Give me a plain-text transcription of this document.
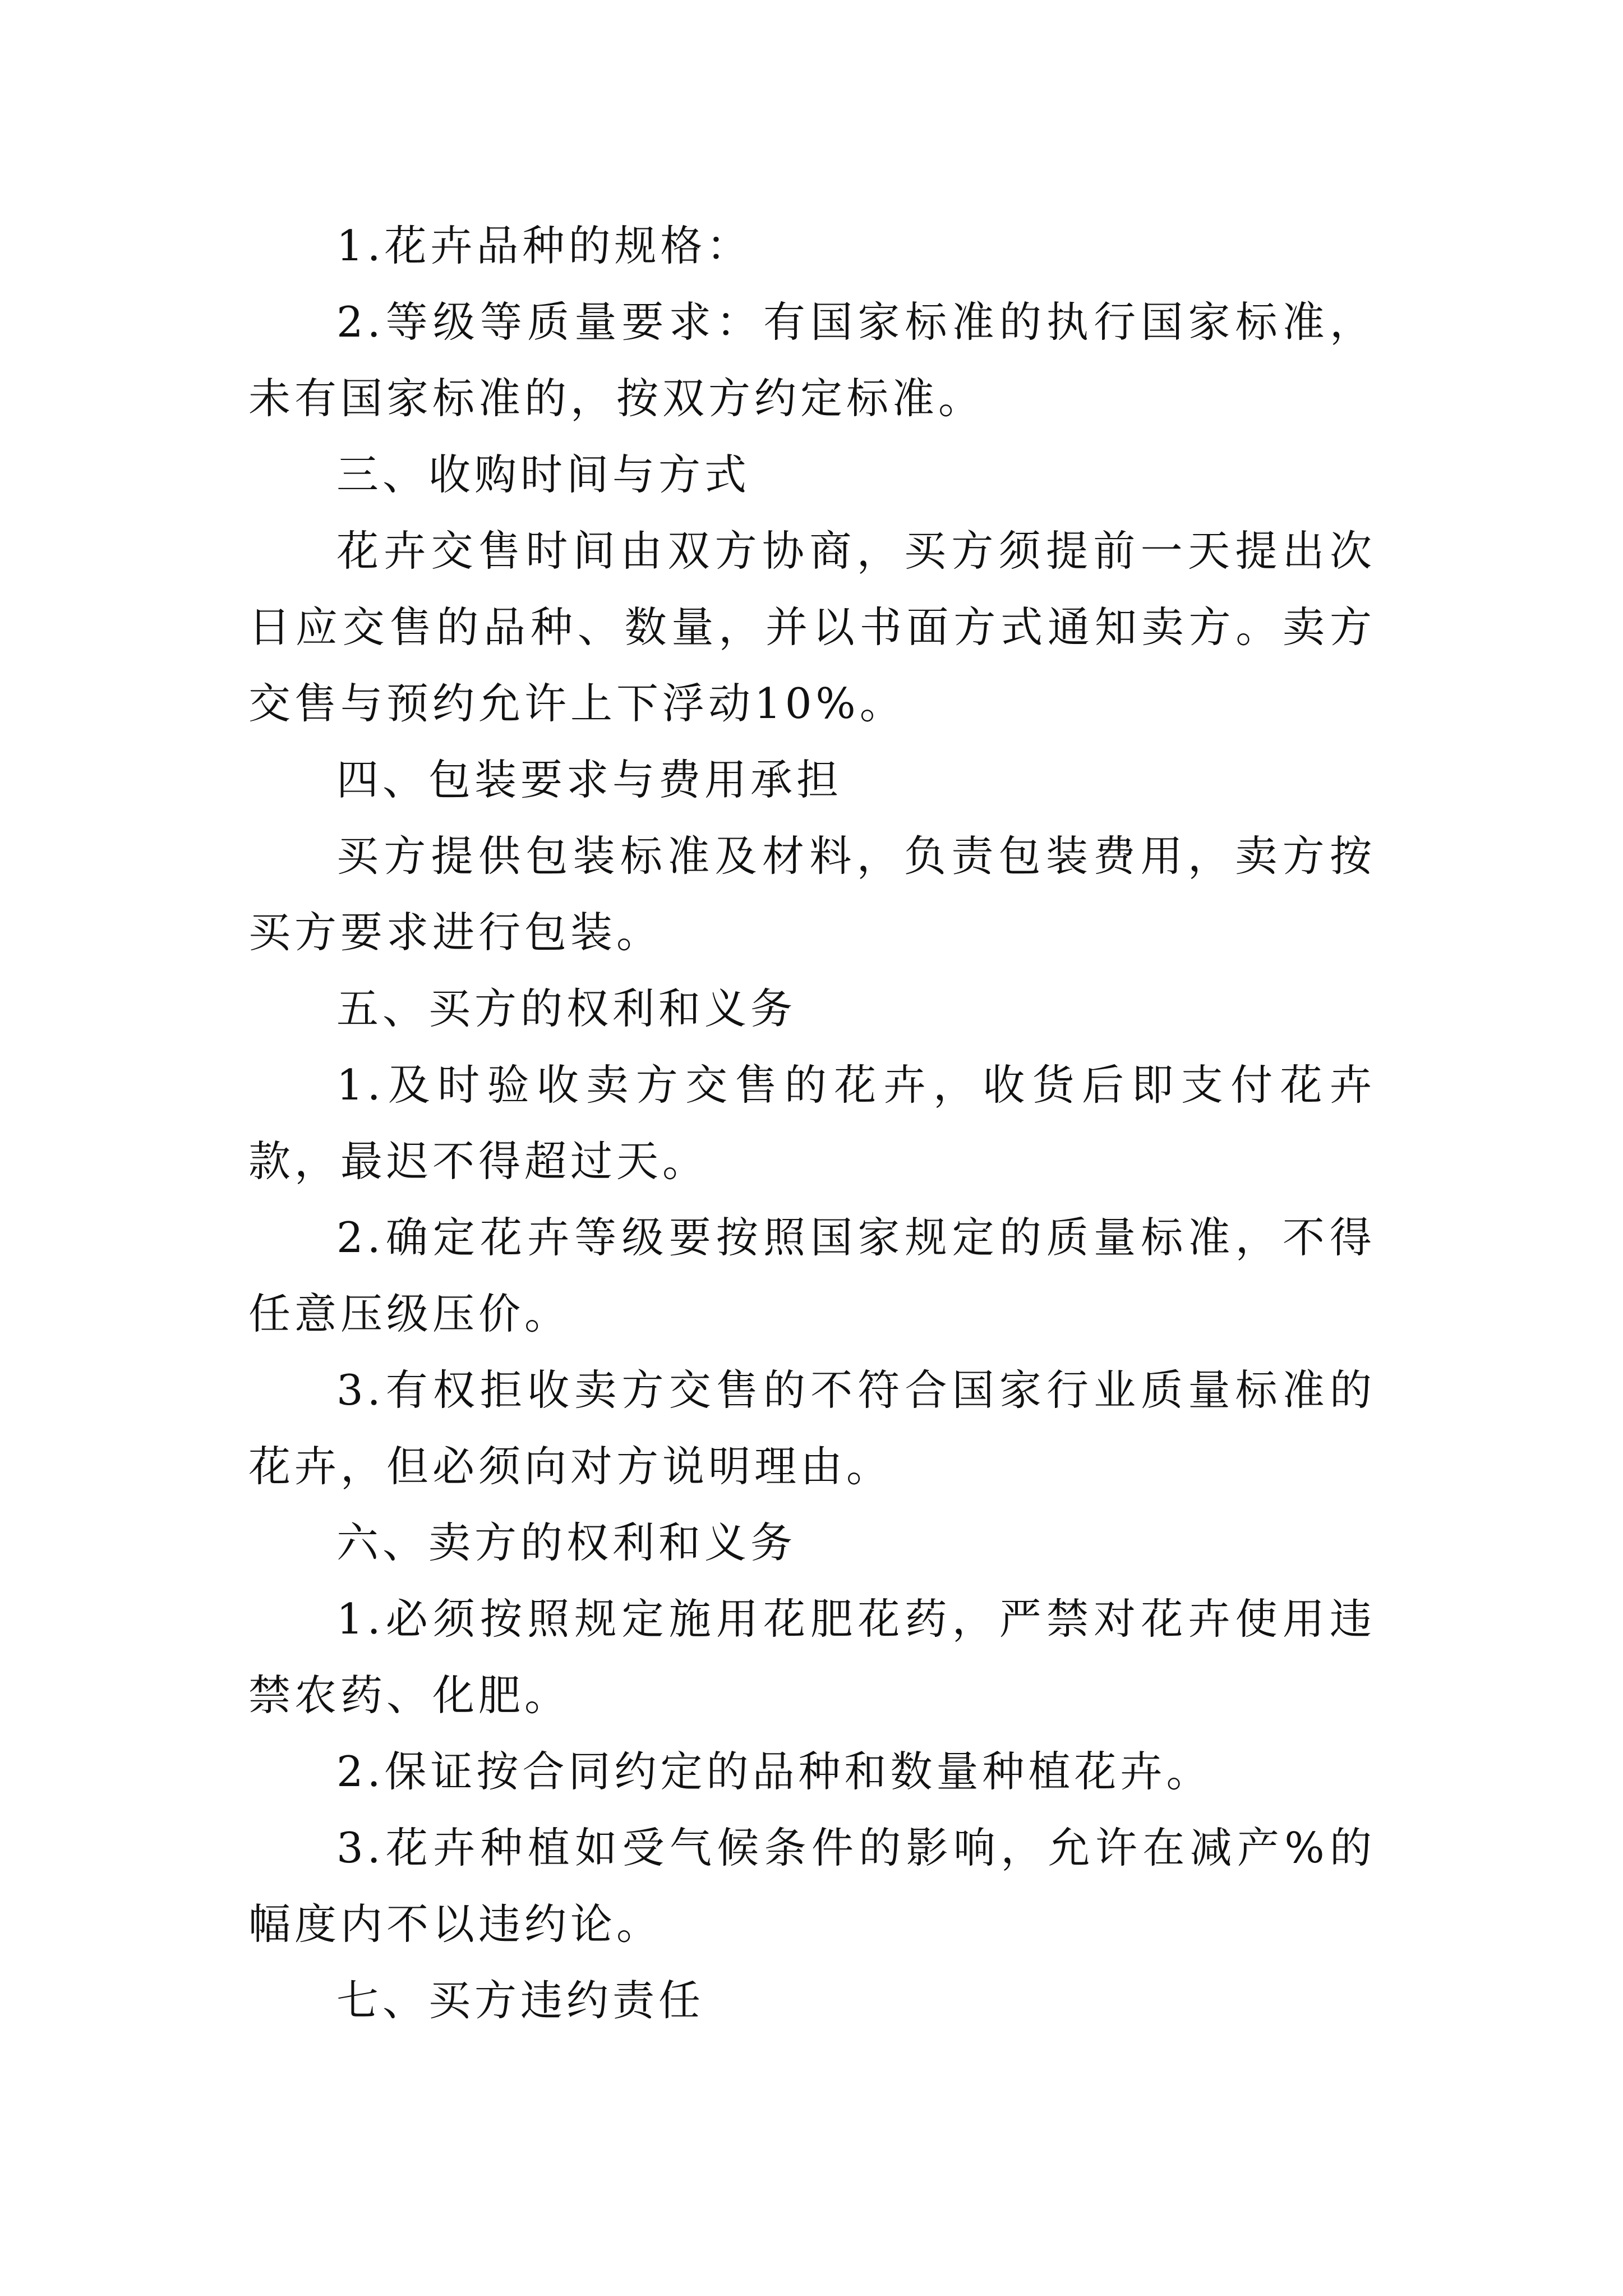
1.花卉品种的规格：

2.等级等质量要求：有国家标准的执行国家标准，未有国家标准的，按双方约定标准。

三、收购时间与方式

花卉交售时间由双方协商，买方须提前一天提出次日应交售的品种、数量，并以书面方式通知卖方。卖方交售与预约允许上下浮动10%。

四、包装要求与费用承担

买方提供包装标准及材料，负责包装费用，卖方按买方要求进行包装。

五、买方的权利和义务

1.及时验收卖方交售的花卉，收货后即支付花卉款，最迟不得超过天。

2.确定花卉等级要按照国家规定的质量标准，不得任意压级压价。

3.有权拒收卖方交售的不符合国家行业质量标准的花卉，但必须向对方说明理由。

六、卖方的权利和义务

1.必须按照规定施用花肥花药，严禁对花卉使用违禁农药、化肥。

2.保证按合同约定的品种和数量种植花卉。

3.花卉种植如受气候条件的影响，允许在减产%的幅度内不以违约论。

七、买方违约责任
